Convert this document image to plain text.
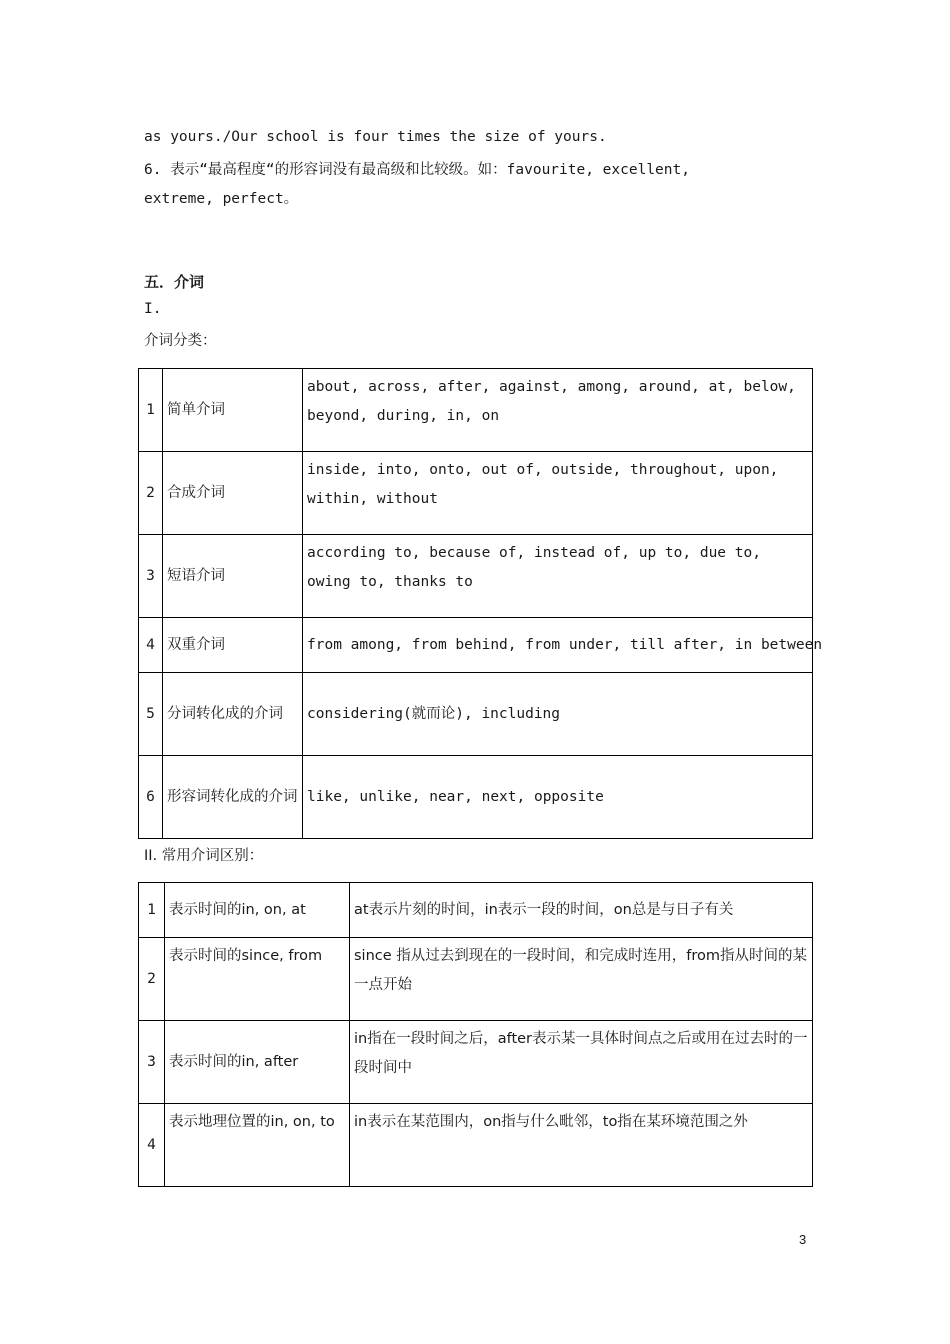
as yours./Our school is four times the size of yours.
6. 表示“最高程度“的形容词没有最高级和比较级。如：favourite, excellent,
extreme, perfect。
五．介词
I.
介词分类：
1	简单介词	about, across, after, against, among, around, at, below, beyond, during, in, on
2	合成介词	inside, into, onto, out of, outside, throughout, upon, within, without
3	短语介词	according to, because of, instead of, up to, due to, owing to, thanks to
4	双重介词	from among, from behind, from under, till after, in between
5	分词转化成的介词	considering(就而论), including
6	形容词转化成的介词	like, unlike, near, next, opposite
II. 常用介词区别：
1	表示时间的in, on, at	at表示片刻的时间，in表示一段的时间，on总是与日子有关
2	表示时间的since, from	since 指从过去到现在的一段时间，和完成时连用，from指从时间的某一点开始
3	表示时间的in, after	in指在一段时间之后，after表示某一具体时间点之后或用在过去时的一段时间中
4	表示地理位置的in, on, to	in表示在某范围内，on指与什么毗邻，to指在某环境范围之外
3
